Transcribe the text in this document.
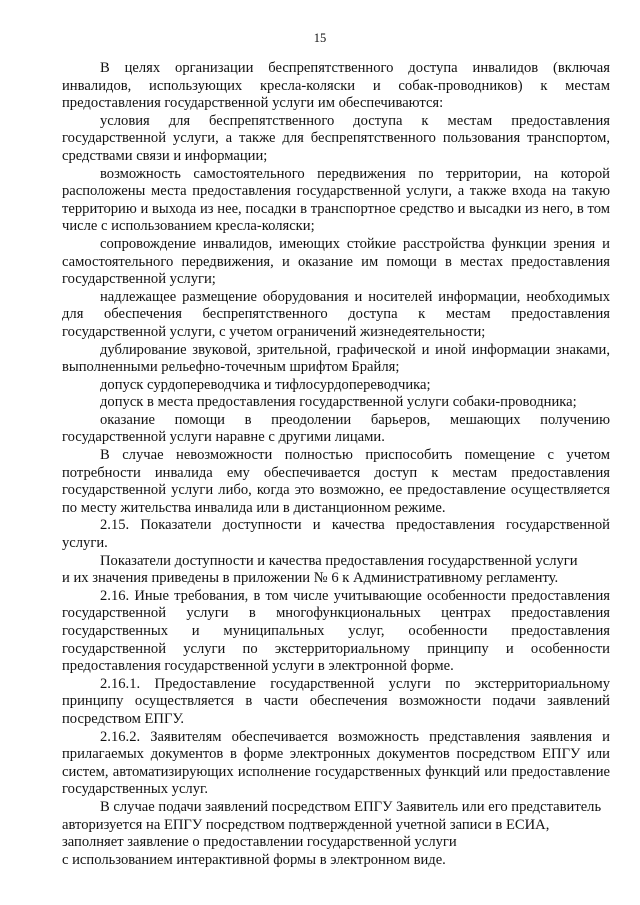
15

В целях организации беспрепятственного доступа инвалидов (включая инвалидов, использующих кресла-коляски и собак-проводников) к местам предоставления государственной услуги им обеспечиваются:

условия для беспрепятственного доступа к местам предоставления государственной услуги, а также для беспрепятственного пользования транспортом, средствами связи и информации;

возможность самостоятельного передвижения по территории, на которой расположены места предоставления государственной услуги, а также входа на такую территорию и выхода из нее, посадки в транспортное средство и высадки из него, в том числе с использованием кресла-коляски;

сопровождение инвалидов, имеющих стойкие расстройства функции зрения и самостоятельного передвижения, и оказание им помощи в местах предоставления государственной услуги;

надлежащее размещение оборудования и носителей информации, необходимых для обеспечения беспрепятственного доступа к местам предоставления государственной услуги, с учетом ограничений жизнедеятельности;

дублирование звуковой, зрительной, графической и иной информации знаками, выполненными рельефно-точечным шрифтом Брайля;

допуск сурдопереводчика и тифлосурдопереводчика;

допуск в места предоставления государственной услуги собаки-проводника;

оказание помощи в преодолении барьеров, мешающих получению государственной услуги наравне с другими лицами.

В случае невозможности полностью приспособить помещение с учетом потребности инвалида ему обеспечивается доступ к местам предоставления государственной услуги либо, когда это возможно, ее предоставление осуществляется по месту жительства инвалида или в дистанционном режиме.

2.15. Показатели доступности и качества предоставления государственной услуги.

Показатели доступности и качества предоставления государственной услуги

и их значения приведены в приложении № 6 к Административному регламенту.

2.16. Иные требования, в том числе учитывающие особенности предоставления государственной услуги в многофункциональных центрах предоставления государственных и муниципальных услуг, особенности предоставления государственной услуги по экстерриториальному принципу и особенности предоставления государственной услуги в электронной форме.

2.16.1. Предоставление государственной услуги по экстерриториальному принципу осуществляется в части обеспечения возможности подачи заявлений посредством ЕПГУ.

2.16.2. Заявителям обеспечивается возможность представления заявления и прилагаемых документов в форме электронных документов посредством ЕПГУ или систем, автоматизирующих исполнение государственных функций или предоставление государственных услуг.

В случае подачи заявлений посредством ЕПГУ Заявитель или его представитель авторизуется на ЕПГУ посредством подтвержденной учетной записи в ЕСИА, заполняет заявление о предоставлении государственной услуги

с использованием интерактивной формы в электронном виде.
